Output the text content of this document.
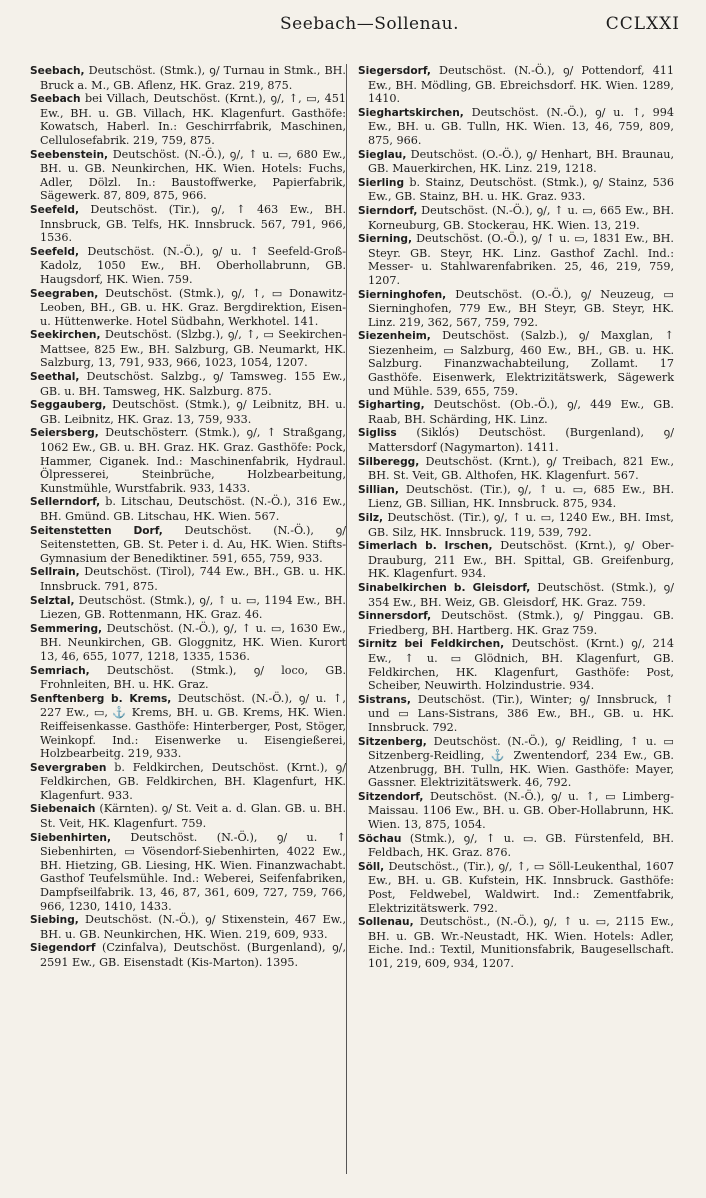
Seebach—Sollenau.	CCLXXI

Seebach, Deutschöst. (Stmk.), ꝯ/ Turnau in Stmk., BH. Bruck a. M., GB. Aflenz, HK. Graz. 219, 875.

Seebach bei Villach, Deutschöst. (Krnt.), ꝯ/, ↑, ▭, 451 Ew., BH. u. GB. Villach, HK. Klagenfurt. Gasthöfe: Kowatsch, Haberl. In.: Geschirrfabrik, Maschinen, Cellulosefabrik. 219, 759, 875.

Seebenstein, Deutschöst. (N.-Ö.), ꝯ/, ↑ u. ▭, 680 Ew., BH. u. GB. Neunkirchen, HK. Wien. Hotels: Fuchs, Adler, Dölzl. In.: Baustoffwerke, Papierfabrik, Sägewerk. 87, 809, 875, 966.

Seefeld, Deutschöst. (Tir.), ꝯ/, ↑ 463 Ew., BH. Innsbruck, GB. Telfs, HK. Innsbruck. 567, 791, 966, 1536.

Seefeld, Deutschöst. (N.-Ö.), ꝯ/ u. ↑ Seefeld-Groß-Kadolz, 1050 Ew., BH. Oberhollabrunn, GB. Haugsdorf, HK. Wien. 759.

Seegraben, Deutschöst. (Stmk.), ꝯ/, ↑, ▭ Donawitz-Leoben, BH., GB. u. HK. Graz. Bergdirektion, Eisen- u. Hüttenwerke. Hotel Südbahn, Werkhotel. 141.

Seekirchen, Deutschöst. (Slzbg.), ꝯ/, ↑, ▭ Seekirchen-Mattsee, 825 Ew., BH. Salzburg, GB. Neumarkt, HK. Salzburg, 13, 791, 933, 966, 1023, 1054, 1207.

Seethal, Deutschöst. Salzbg., ꝯ/ Tamsweg. 155 Ew., GB. u. BH. Tamsweg, HK. Salzburg. 875.

Seggauberg, Deutschöst. (Stmk.), ꝯ/ Leibnitz, BH. u. GB. Leibnitz, HK. Graz. 13, 759, 933.

Seiersberg, Deutschösterr. (Stmk.), ꝯ/, ↑ Straßgang, 1062 Ew., GB. u. BH. Graz. HK. Graz. Gasthöfe: Pock, Hammer, Ciganek. Ind.: Maschinenfabrik, Hydraul. Ölpresserei, Steinbrüche, Holzbearbeitung, Kunstmühle, Wurstfabrik. 933, 1433.

Sellerndorf, b. Litschau, Deutschöst. (N.-Ö.), 316 Ew., BH. Gmünd. GB. Litschau, HK. Wien. 567.

Seitenstetten Dorf, Deutschöst. (N.-Ö.), ꝯ/ Seitenstetten, GB. St. Peter i. d. Au, HK. Wien. Stifts-Gymnasium der Benediktiner. 591, 655, 759, 933.

Sellrain, Deutschöst. (Tirol), 744 Ew., BH., GB. u. HK. Innsbruck. 791, 875.

Selztal, Deutschöst. (Stmk.), ꝯ/, ↑ u. ▭, 1194 Ew., BH. Liezen, GB. Rottenmann, HK. Graz. 46.

Semmering, Deutschöst. (N.-Ö.), ꝯ/, ↑ u. ▭, 1630 Ew., BH. Neunkirchen, GB. Gloggnitz, HK. Wien. Kurort 13, 46, 655, 1077, 1218, 1335, 1536.

Semriach, Deutschöst. (Stmk.), ꝯ/ loco, GB. Frohnleiten, BH. u. HK. Graz.

Senftenberg b. Krems, Deutschöst. (N.-Ö.), ꝯ/ u. ↑, 227 Ew., ▭, ⚓ Krems, BH. u. GB. Krems, HK. Wien. Reiffeisenkasse. Gasthöfe: Hinterberger, Post, Stöger, Weinkopf. Ind.: Eisenwerke u. Eisengießerei, Holzbearbeitg. 219, 933.

Severgraben b. Feldkirchen, Deutschöst. (Krnt.), ꝯ/ Feldkirchen, GB. Feldkirchen, BH. Klagenfurt, HK. Klagenfurt. 933.

Siebenaich (Kärnten). ꝯ/ St. Veit a. d. Glan. GB. u. BH. St. Veit, HK. Klagenfurt. 759.

Siebenhirten, Deutschöst. (N.-Ö.), ꝯ/ u. ↑ Siebenhirten, ▭ Vösendorf-Siebenhirten, 4022 Ew., BH. Hietzing, GB. Liesing, HK. Wien. Finanzwachabt. Gasthof Teufelsmühle. Ind.: Weberei, Seifenfabriken, Dampfseilfabrik. 13, 46, 87, 361, 609, 727, 759, 766, 966, 1230, 1410, 1433.

Siebing, Deutschöst. (N.-Ö.), ꝯ/ Stixenstein, 467 Ew., BH. u. GB. Neunkirchen, HK. Wien. 219, 609, 933.

Siegendorf (Czinfalva), Deutschöst. (Burgenland), ꝯ/, 2591 Ew., GB. Eisenstadt (Kis-Marton). 1395.

Siegersdorf, Deutschöst. (N.-Ö.), ꝯ/ Pottendorf, 411 Ew., BH. Mödling, GB. Ebreichsdorf. HK. Wien. 1289, 1410.

Sieghartskirchen, Deutschöst. (N.-Ö.), ꝯ/ u. ↑, 994 Ew., BH. u. GB. Tulln, HK. Wien. 13, 46, 759, 809, 875, 966.

Sieglau, Deutschöst. (O.-Ö.), ꝯ/ Henhart, BH. Braunau, GB. Mauerkirchen, HK. Linz. 219, 1218.

Sierling b. Stainz, Deutschöst. (Stmk.), ꝯ/ Stainz, 536 Ew., GB. Stainz, BH. u. HK. Graz. 933.

Sierndorf, Deutschöst. (N.-Ö.), ꝯ/, ↑ u. ▭, 665 Ew., BH. Korneuburg, GB. Stockerau, HK. Wien. 13, 219.

Sierning, Deutschöst. (O.-Ö.), ꝯ/ ↑ u. ▭, 1831 Ew., BH. Steyr. GB. Steyr, HK. Linz. Gasthof Zachl. Ind.: Messer- u. Stahlwarenfabriken. 25, 46, 219, 759, 1207.

Sierninghofen, Deutschöst. (O.-Ö.), ꝯ/ Neuzeug, ▭ Sierninghofen, 779 Ew., BH Steyr, GB. Steyr, HK. Linz. 219, 362, 567, 759, 792.

Siezenheim, Deutschöst. (Salzb.), ꝯ/ Maxglan, ↑ Siezenheim, ▭ Salzburg, 460 Ew., BH., GB. u. HK. Salzburg. Finanzwachabteilung, Zollamt. 17 Gasthöfe. Eisenwerk, Elektrizitätswerk, Sägewerk und Mühle. 539, 655, 759.

Sigharting, Deutschöst. (Ob.-Ö.), ꝯ/, 449 Ew., GB. Raab, BH. Schärding, HK. Linz.

Sigliss (Siklós) Deutschöst. (Burgenland), ꝯ/ Mattersdorf (Nagymarton). 1411.

Silberegg, Deutschöst. (Krnt.), ꝯ/ Treibach, 821 Ew., BH. St. Veit, GB. Althofen, HK. Klagenfurt. 567.

Sillian, Deutschöst. (Tir.), ꝯ/, ↑ u. ▭, 685 Ew., BH. Lienz, GB. Sillian, HK. Innsbruck. 875, 934.

Silz, Deutschöst. (Tir.), ꝯ/, ↑ u. ▭, 1240 Ew., BH. Imst, GB. Silz, HK. Innsbruck. 119, 539, 792.

Simerlach b. Irschen, Deutschöst. (Krnt.), ꝯ/ Ober-Drauburg, 211 Ew., BH. Spittal, GB. Greifenburg, HK. Klagenfurt. 934.

Sinabelkirchen b. Gleisdorf, Deutschöst. (Stmk.), ꝯ/ 354 Ew., BH. Weiz, GB. Gleisdorf, HK. Graz. 759.

Sinnersdorf, Deutschöst. (Stmk.), ꝯ/ Pinggau. GB. Friedberg, BH. Hartberg. HK. Graz 759.

Sirnitz bei Feldkirchen, Deutschöst. (Krnt.) ꝯ/, 214 Ew., ↑ u. ▭ Glödnich, BH. Klagenfurt, GB. Feldkirchen, HK. Klagenfurt, Gasthöfe: Post, Scheiber, Neuwirth. Holzindustrie. 934.

Sistrans, Deutschöst. (Tir.), Winter; ꝯ/ Innsbruck, ↑ und ▭ Lans-Sistrans, 386 Ew., BH., GB. u. HK. Innsbruck. 792.

Sitzenberg, Deutschöst. (N.-Ö.), ꝯ/ Reidling, ↑ u. ▭ Sitzenberg-Reidling, ⚓ Zwentendorf, 234 Ew., GB. Atzenbrugg, BH. Tulln, HK. Wien. Gasthöfe: Mayer, Gassner. Elektrizitätswerk. 46, 792.

Sitzendorf, Deutschöst. (N.-Ö.), ꝯ/ u. ↑, ▭ Limberg-Maissau. 1106 Ew., BH. u. GB. Ober-Hollabrunn, HK. Wien. 13, 875, 1054.

Söchau (Stmk.), ꝯ/, ↑ u. ▭. GB. Fürstenfeld, BH. Feldbach, HK. Graz. 876.

Söll, Deutschöst., (Tir.), ꝯ/, ↑, ▭ Söll-Leukenthal, 1607 Ew., BH. u. GB. Kufstein, HK. Innsbruck. Gasthöfe: Post, Feldwebel, Waldwirt. Ind.: Zementfabrik, Elektrizitätswerk. 792.

Sollenau, Deutschöst., (N.-Ö.), ꝯ/, ↑ u. ▭, 2115 Ew., BH. u. GB. Wr.-Neustadt, HK. Wien. Hotels: Adler, Eiche. Ind.: Textil, Munitionsfabrik, Baugesellschaft. 101, 219, 609, 934, 1207.
